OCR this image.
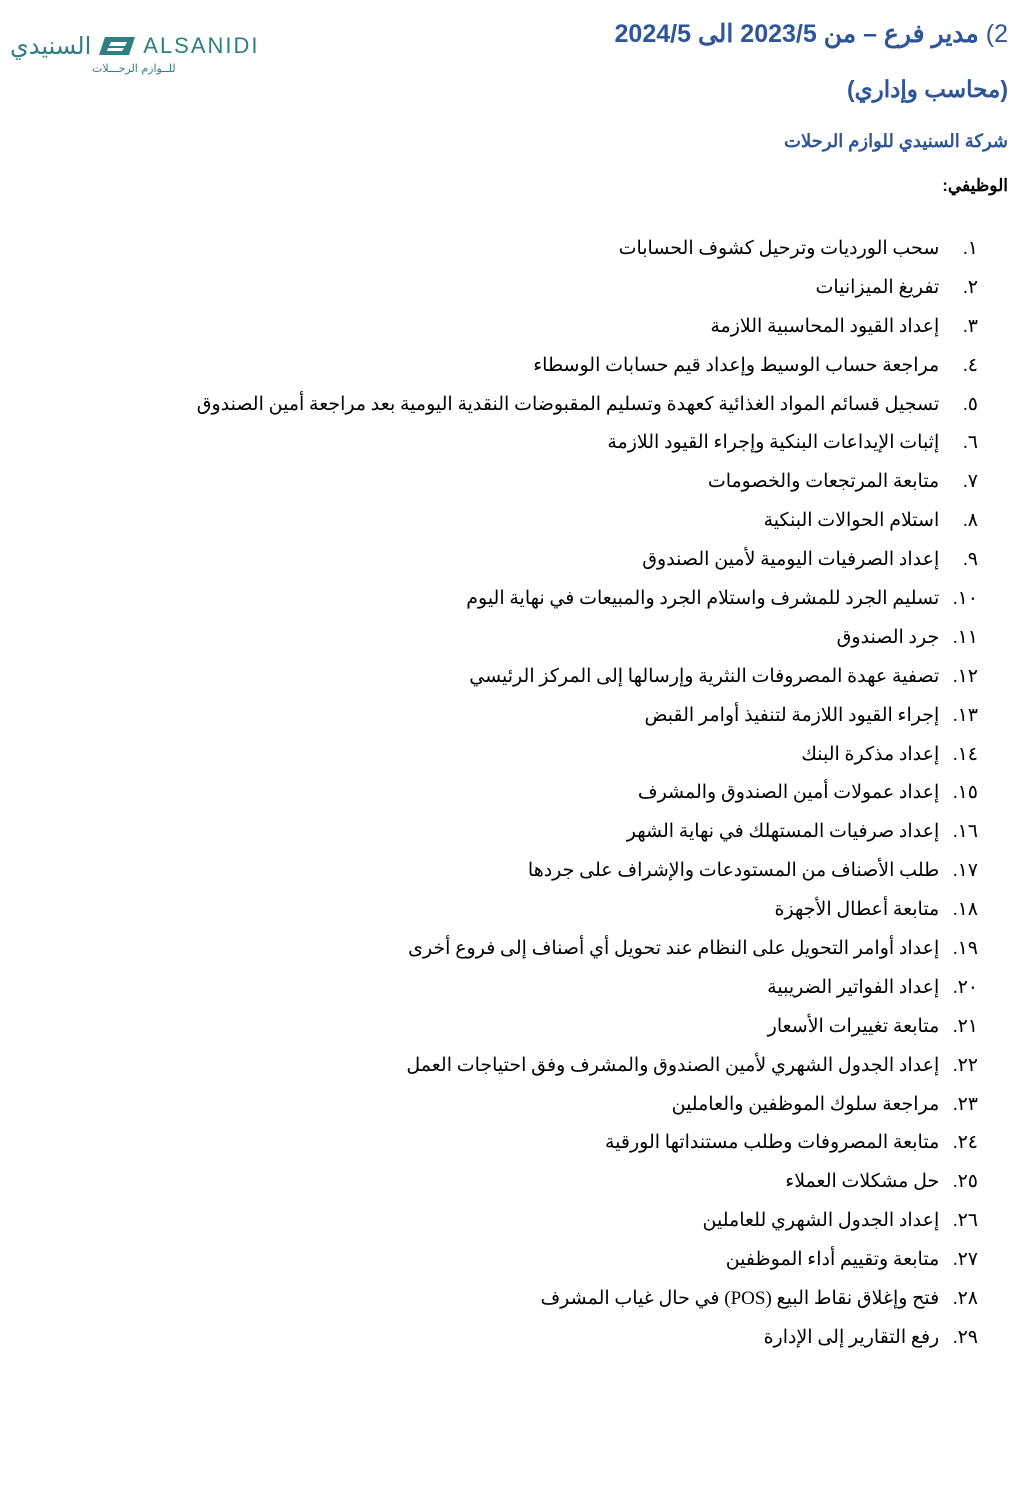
السنيدي ALSANIDI
للــوازم الرحـــلات
2) مدير فرع – من 2023/5 الى 2024/5
(محاسب وإداري)
شركة السنيدي للوازم الرحلات
الوظيفي:
١. سحب الورديات وترحيل كشوف الحسابات
٢. تفريغ الميزانيات
٣. إعداد القيود المحاسبية اللازمة
٤. مراجعة حساب الوسيط وإعداد قيم حسابات الوسطاء
٥. تسجيل قسائم المواد الغذائية كعهدة وتسليم المقبوضات النقدية اليومية بعد مراجعة أمين الصندوق
٦. إثبات الإيداعات البنكية وإجراء القيود اللازمة
٧. متابعة المرتجعات والخصومات
٨. استلام الحوالات البنكية
٩. إعداد الصرفيات اليومية لأمين الصندوق
١٠. تسليم الجرد للمشرف واستلام الجرد والمبيعات في نهاية اليوم
١١. جرد الصندوق
١٢. تصفية عهدة المصروفات النثرية وإرسالها إلى المركز الرئيسي
١٣. إجراء القيود اللازمة لتنفيذ أوامر القبض
١٤. إعداد مذكرة البنك
١٥. إعداد عمولات أمين الصندوق والمشرف
١٦. إعداد صرفيات المستهلك في نهاية الشهر
١٧. طلب الأصناف من المستودعات والإشراف على جردها
١٨. متابعة أعطال الأجهزة
١٩. إعداد أوامر التحويل على النظام عند تحويل أي أصناف إلى فروع أخرى
٢٠. إعداد الفواتير الضريبية
٢١. متابعة تغييرات الأسعار
٢٢. إعداد الجدول الشهري لأمين الصندوق والمشرف وفق احتياجات العمل
٢٣. مراجعة سلوك الموظفين والعاملين
٢٤. متابعة المصروفات وطلب مستنداتها الورقية
٢٥. حل مشكلات العملاء
٢٦. إعداد الجدول الشهري للعاملين
٢٧. متابعة وتقييم أداء الموظفين
٢٨. فتح وإغلاق نقاط البيع (POS) في حال غياب المشرف
٢٩. رفع التقارير إلى الإدارة
